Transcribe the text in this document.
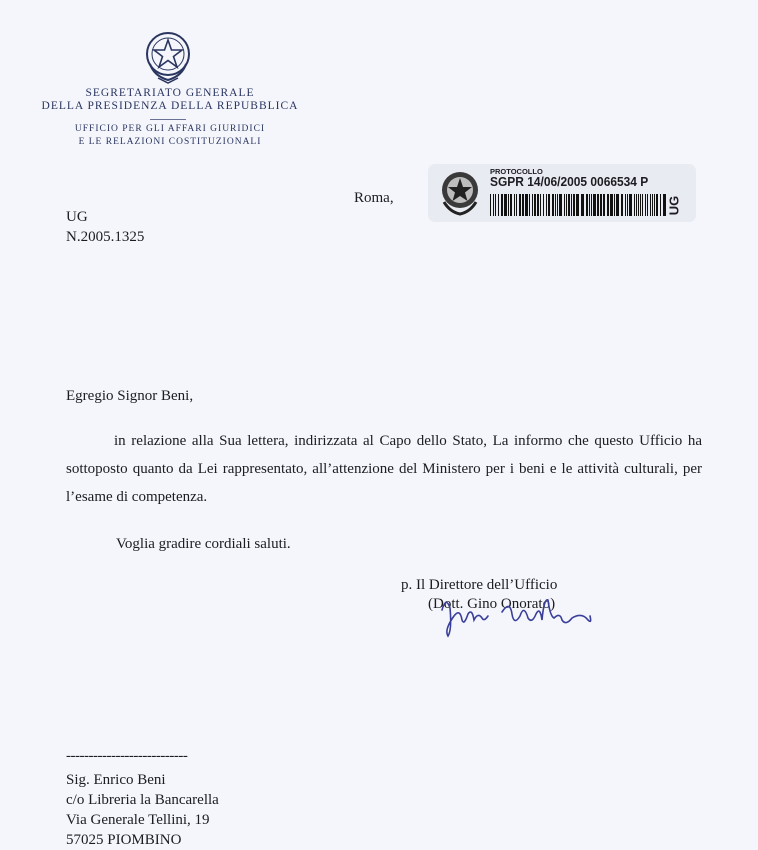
SEGRETARIATO GENERALE
DELLA PRESIDENZA DELLA REPUBBLICA
UFFICIO PER GLI AFFARI GIURIDICI
E LE RELAZIONI COSTITUZIONALI
Roma,
PROTOCOLLO
SGPR 14/06/2005 0066534 P
UG
UG
N.2005.1325
Egregio Signor Beni,

in relazione alla Sua lettera, indirizzata al Capo dello Stato, La informo che questo Ufficio ha sottoposto quanto da Lei rappresentato, all’attenzione del Ministero per i beni e le attività culturali, per l’esame di competenza.

Voglia gradire cordiali saluti.
p. Il Direttore dell’Ufficio
(Dott. Gino Onorato)
---------------------------
Sig. Enrico Beni
c/o Libreria la Bancarella
Via Generale Tellini, 19
57025 PIOMBINO
